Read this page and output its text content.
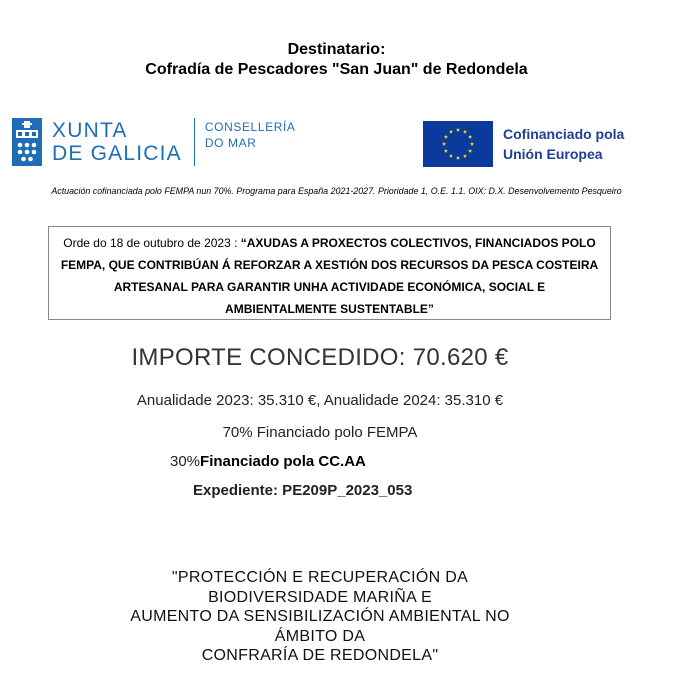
Destinatario:
Cofradía de Pescadores "San Juan" de Redondela
XUNTA
DE GALICIA
CONSELLERÍA
DO MAR
Cofinanciado pola
Unión Europea
Actuación cofinanciada polo FEMPA nun 70%. Programa para España 2021-2027. Prioridade 1, O.E. 1.1. OIX: D.X. Desenvolvemento Pesqueiro
Orde do 18 de outubro de 2023 : “AXUDAS A PROXECTOS COLECTIVOS, FINANCIADOS POLO FEMPA, QUE CONTRIBÚAN Á REFORZAR A XESTIÓN DOS RECURSOS DA PESCA COSTEIRA ARTESANAL PARA GARANTIR UNHA ACTIVIDADE ECONÓMICA, SOCIAL E AMBIENTALMENTE SUSTENTABLE”
IMPORTE CONCEDIDO: 70.620 €
Anualidade 2023: 35.310 €, Anualidade 2024: 35.310 €
70% Financiado polo FEMPA
30%Financiado pola CC.AA
Expediente: PE209P_2023_053
"PROTECCIÓN E RECUPERACIÓN DA
BIODIVERSIDADE MARIÑA E
AUMENTO DA SENSIBILIZACIÓN AMBIENTAL NO
ÁMBITO DA
CONFRARÍA DE REDONDELA"
